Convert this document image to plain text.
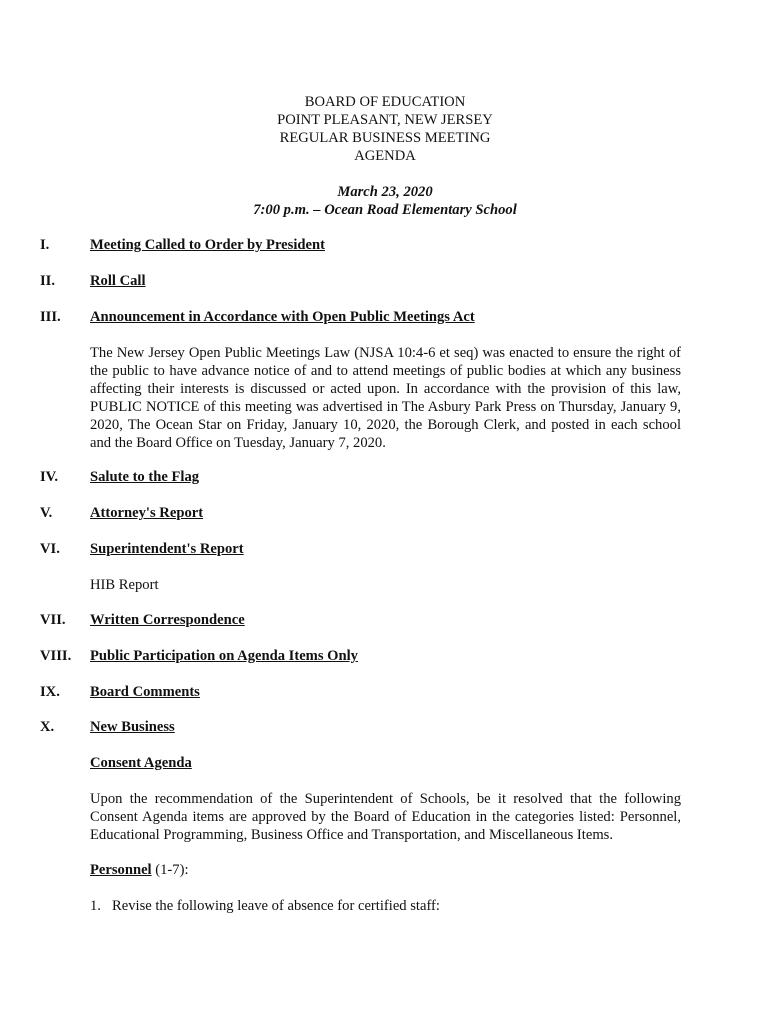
BOARD OF EDUCATION
POINT PLEASANT, NEW JERSEY
REGULAR BUSINESS MEETING
AGENDA
March 23, 2020
7:00 p.m. – Ocean Road Elementary School
I.	Meeting Called to Order by President
II. Roll Call
III. Announcement in Accordance with Open Public Meetings Act
The New Jersey Open Public Meetings Law (NJSA 10:4-6 et seq) was enacted to ensure the right of the public to have advance notice of and to attend meetings of public bodies at which any business affecting their interests is discussed or acted upon. In accordance with the provision of this law, PUBLIC NOTICE of this meeting was advertised in The Asbury Park Press on Thursday, January 9, 2020, The Ocean Star on Friday, January 10, 2020, the Borough Clerk, and posted in each school and the Board Office on Tuesday, January 7, 2020.
IV. Salute to the Flag
V.	Attorney's Report
VI. Superintendent's Report
HIB Report
VII. Written Correspondence
VIII. Public Participation on Agenda Items Only
IX. Board Comments
X. New Business
Consent Agenda
Upon the recommendation of the Superintendent of Schools, be it resolved that the following Consent Agenda items are approved by the Board of Education in the categories listed: Personnel, Educational Programming, Business Office and Transportation, and Miscellaneous Items.
Personnel (1-7):
1. Revise the following leave of absence for certified staff:
